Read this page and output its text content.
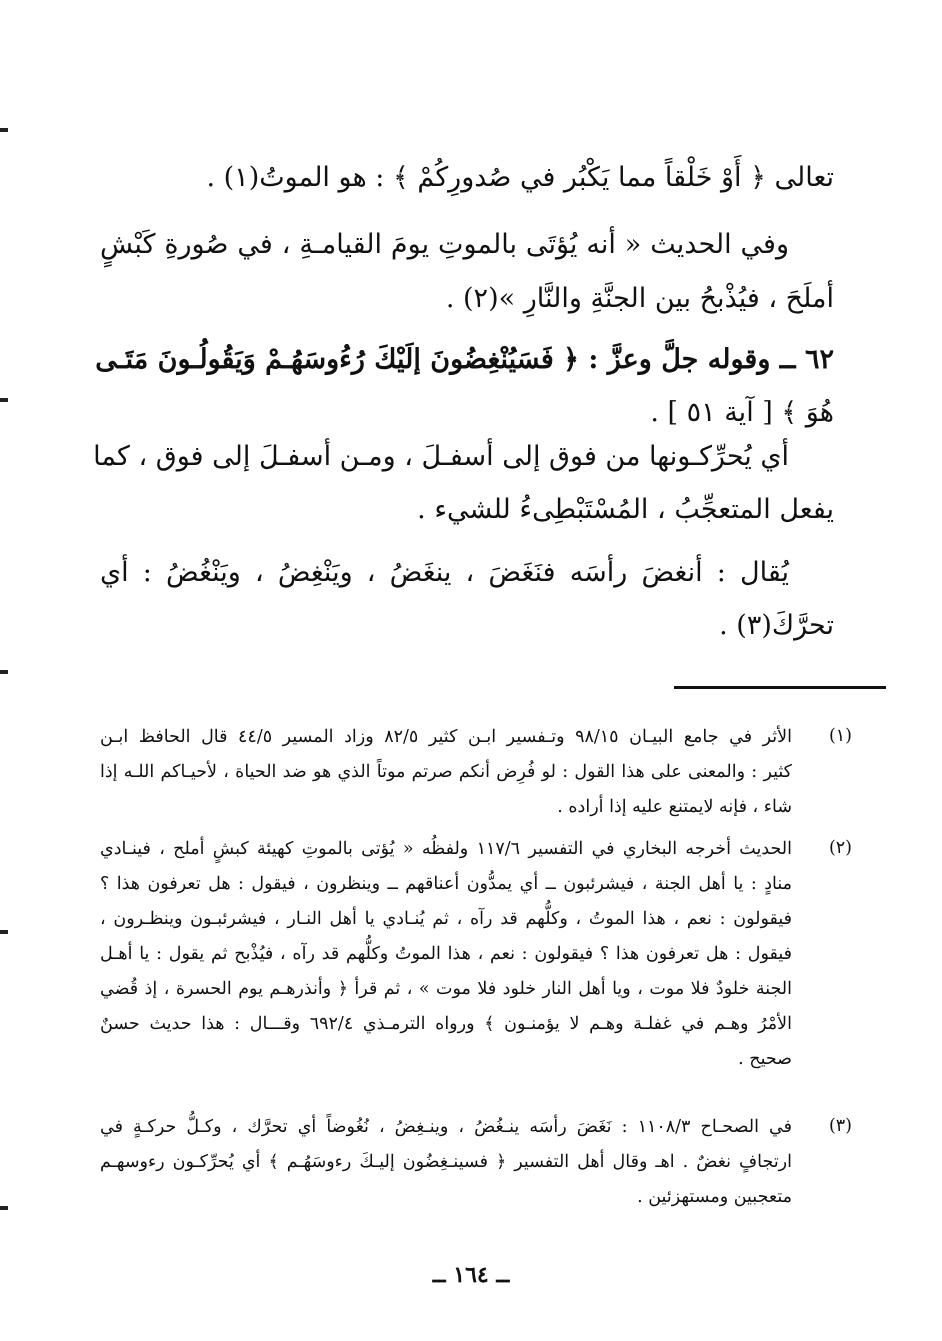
تعالى ﴿ أَوْ خَلْقاً مما يَكْبُر في صُدورِكُمْ ﴾ : هو الموتُ(١) .
وفي الحديث « أنه يُؤتَى بالموتِ يومَ القيامـةِ ، في صُورةِ كَبْشٍ
أملَحَ ، فيُذْبحُ بين الجنَّةِ والنَّارِ »(٢) .
٦٢ ــ وقوله جلَّ وعزَّ : ﴿ فَسَيُنْغِضُونَ إلَيْكَ رُءُوسَهُـمْ وَيَقُولُـونَ مَتَـى
هُوَ ﴾ [ آية ٥١ ] .
أي يُحرِّكـونها من فوق إلى أسفـلَ ، ومـن أسفـلَ إلى فوق ، كما
يفعل المتعجِّبُ ، المُسْتَبْطِىءُ للشيء .
يُقال : أنغضَ رأسَه فنَغَضَ ، ينغَضُ ، ويَنْغِضُ ، ويَنْغُضُ : أي
تحرَّكَ(٣) .
(١)
الأثر في جامع البيـان ٩٨/١٥ وتـفسير ابـن كثير ٨٢/٥ وزاد المسير ٤٤/٥ قال الحافظ ابـن
كثير : والمعنى على هذا القول : لو فُرِض أنكم صرتم موتاً الذي هو ضد الحياة ، لأحيـاكم اللـه إذا
شاء ، فإنه لايمتنع عليه إذا أراده .
(٢)
الحديث أخرجه البخاري في التفسير ١١٧/٦ ولفظُه « يُؤتى بالموتِ كهيئة كبشٍ أملح ، فينـادي
منادٍ : يا أهل الجنة ، فيشرئبون ــ أي يمدُّون أعناقهم ــ وينظرون ، فيقول : هل تعرفون هذا ؟
فيقولون : نعم ، هذا الموتُ ، وكلُّهم قد رآه ، ثم يُنـادي يا أهل النـار ، فيشرئبـون وينظـرون ،
فيقول : هل تعرفون هذا ؟ فيقولون : نعم ، هذا الموتُ وكلُّهم قد رآه ، فيُذْبح ثم يقول : يا أهـل
الجنة خلودٌ فلا موت ، ويا أهل النار خلود فلا موت » ، ثم قرأ ﴿ وأنذرهـم يوم الحسرة ، إذ قُضي
الأمْرُ وهـم في غفلـة وهـم لا يؤمنـون ﴾ ورواه الترمـذي ٦٩٢/٤ وقـــال : هذا حديث حسنٌ
صحيح .
(٣)
في الصحـاح ١١٠٨/٣ : نَغَضَ رأسَه ينـغُضُ ، وينـغِضُ ، نُغُوضاً أي تحرَّك ، وكـلُّ حركـةٍ في
ارتجافٍ نغضٌ . اهـ وقال أهل التفسير ﴿ فسينـغِضُون إليـكَ رءوسَهُـم ﴾ أي يُحرِّكـون رءوسهـم
متعجبين ومستهزئين .
ــ ١٦٤ ــ
